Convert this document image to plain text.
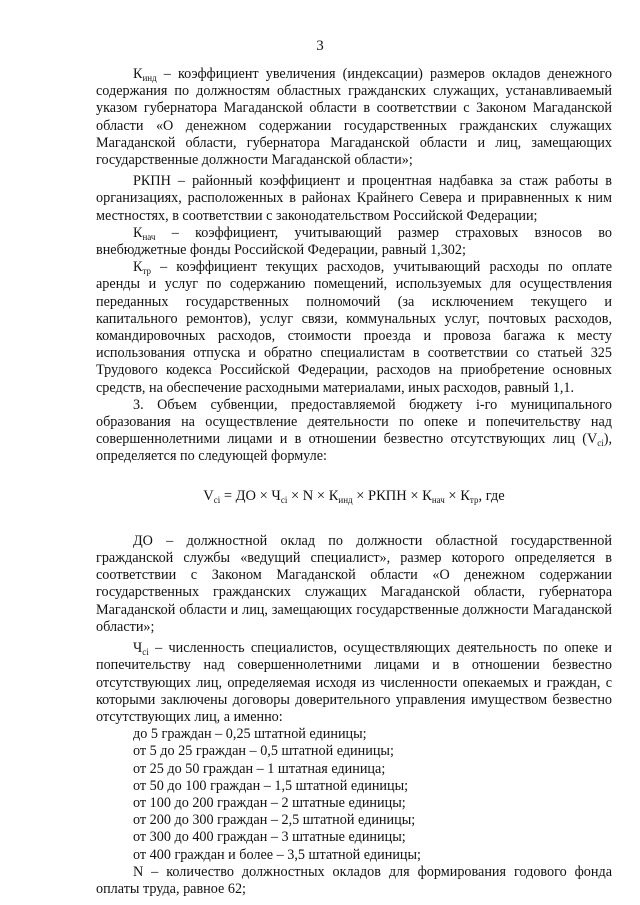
3

$К_{инд}$ – коэффициент увеличения (индексации) размеров окладов денежного содержания по должностям областных гражданских служащих, устанавливаемый указом губернатора Магаданской области в соответствии с Законом Магаданской области «О денежном содержании государственных гражданских служащих Магаданской области, губернатора Магаданской области и лиц, замещающих государственные должности Магаданской области»;

РКПН – районный коэффициент и процентная надбавка за стаж работы в организациях, расположенных в районах Крайнего Севера и приравненных к ним местностях, в соответствии с законодательством Российской Федерации;

$К_{нач}$ – коэффициент, учитывающий размер страховых взносов во внебюджетные фонды Российской Федерации, равный 1,302;

$К_{тр}$ – коэффициент текущих расходов, учитывающий расходы по оплате аренды и услуг по содержанию помещений, используемых для осуществления переданных государственных полномочий (за исключением текущего и капитального ремонтов), услуг связи, коммунальных услуг, почтовых расходов, командировочных расходов, стоимости проезда и провоза багажа к месту использования отпуска и обратно специалистам в соответствии со статьей 325 Трудового кодекса Российской Федерации, расходов на приобретение основных средств, на обеспечение расходными материалами, иных расходов, равный 1,1.

3. Объем субвенции, предоставляемой бюджету i-го муниципального образования на осуществление деятельности по опеке и попечительству над совершеннолетними лицами и в отношении безвестно отсутствующих лиц $(V_{ci})$, определяется по следующей формуле:

$V_{ci}$ = ДО × $Ч_{ci} \times N \times К_{инд}$ × РКПН × $К_{нач} \times К_{тр}$, где

ДО – должностной оклад по должности областной государственной гражданской службы «ведущий специалист», размер которого определяется в соответствии с Законом Магаданской области «О денежном содержании государственных гражданских служащих Магаданской области, губернатора Магаданской области и лиц, замещающих государственные должности Магаданской области»;

$Ч_{ci}$ – численность специалистов, осуществляющих деятельность по опеке и попечительству над совершеннолетними лицами и в отношении безвестно отсутствующих лиц, определяемая исходя из численности опекаемых и граждан, с которыми заключены договоры доверительного управления имуществом безвестно отсутствующих лиц, а именно:

до 5 граждан – 0,25 штатной единицы;

от 5 до 25 граждан – 0,5 штатной единицы;

от 25 до 50 граждан – 1 штатная единица;

от 50 до 100 граждан – 1,5 штатной единицы;

от 100 до 200 граждан – 2 штатные единицы;

от 200 до 300 граждан – 2,5 штатной единицы;

от 300 до 400 граждан – 3 штатные единицы;

от 400 граждан и более – 3,5 штатной единицы;

N – количество должностных окладов для формирования годового фонда оплаты труда, равное 62;
